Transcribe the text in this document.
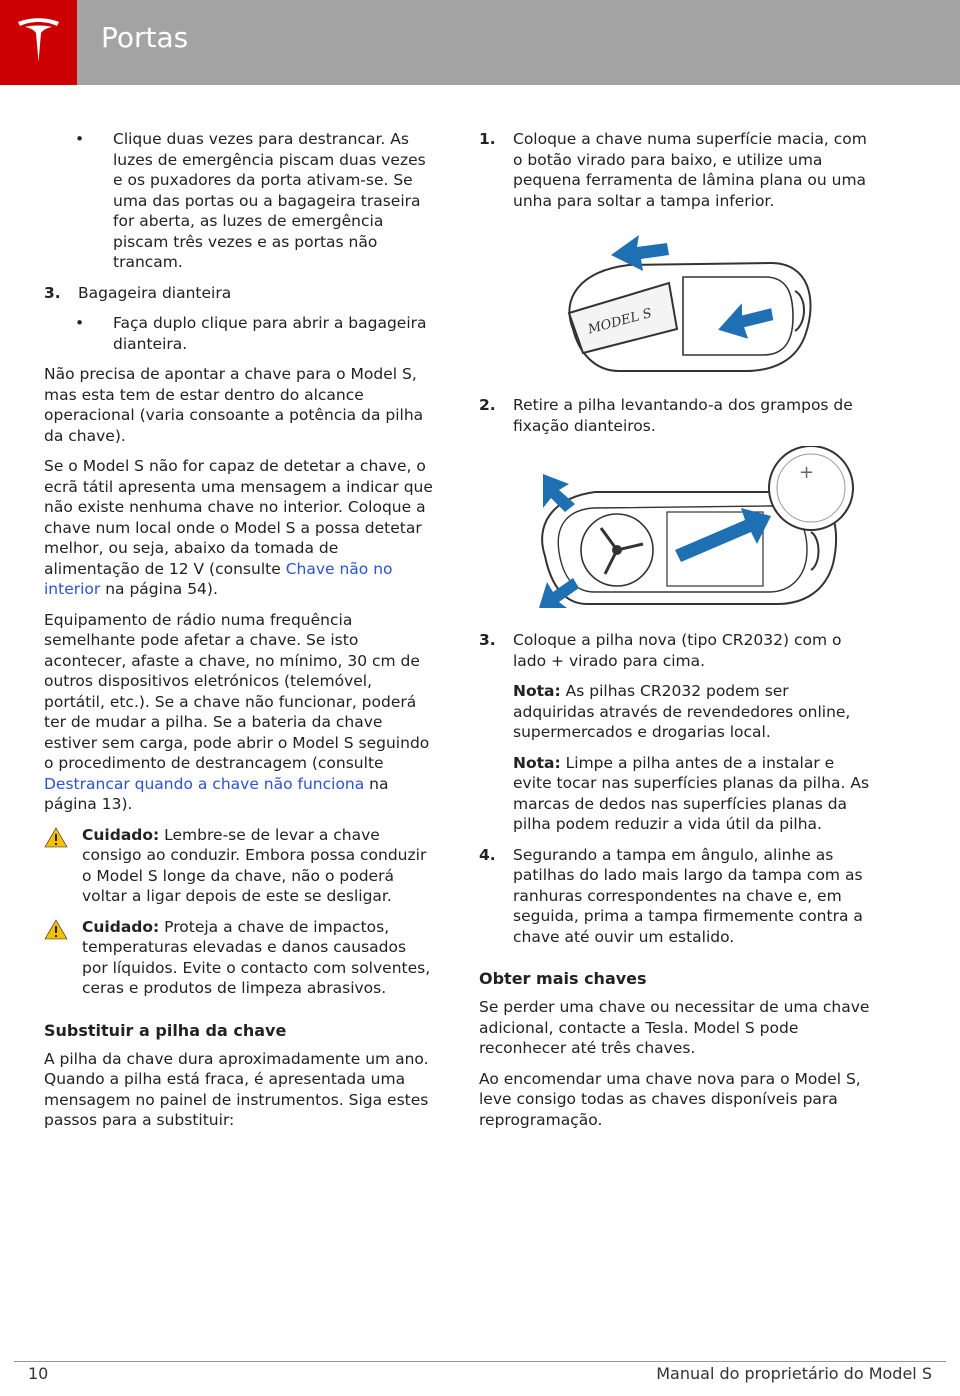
Portas
• Clique duas vezes para destrancar. As luzes de emergência piscam duas vezes e os puxadores da porta ativam-se. Se uma das portas ou a bagageira traseira for aberta, as luzes de emergência piscam três vezes e as portas não trancam.
3. Bagageira dianteira
• Faça duplo clique para abrir a bagageira dianteira.

Não precisa de apontar a chave para o Model S, mas esta tem de estar dentro do alcance operacional (varia consoante a potência da pilha da chave).

Se o Model S não for capaz de detetar a chave, o ecrã tátil apresenta uma mensagem a indicar que não existe nenhuma chave no interior. Coloque a chave num local onde o Model S a possa detetar melhor, ou seja, abaixo da tomada de alimentação de 12 V (consulte Chave não no interior na página 54).

Equipamento de rádio numa frequência semelhante pode afetar a chave. Se isto acontecer, afaste a chave, no mínimo, 30 cm de outros dispositivos eletrónicos (telemóvel, portátil, etc.). Se a chave não funcionar, poderá ter de mudar a pilha. Se a bateria da chave estiver sem carga, pode abrir o Model S seguindo o procedimento de destrancagem (consulte Destrancar quando a chave não funciona na página 13).

Cuidado: Lembre-se de levar a chave consigo ao conduzir. Embora possa conduzir o Model S longe da chave, não o poderá voltar a ligar depois de este se desligar.
Cuidado: Proteja a chave de impactos, temperaturas elevadas e danos causados por líquidos. Evite o contacto com solventes, ceras e produtos de limpeza abrasivos.
Substituir a pilha da chave

A pilha da chave dura aproximadamente um ano. Quando a pilha está fraca, é apresentada uma mensagem no painel de instrumentos. Siga estes passos para a substituir:

1. Coloque a chave numa superfície macia, com o botão virado para baixo, e utilize uma pequena ferramenta de lâmina plana ou uma unha para soltar a tampa inferior.
MODEL S
2. Retire a pilha levantando-a dos grampos de fixação dianteiros.
+
3. Coloque a pilha nova (tipo CR2032) com o lado + virado para cima.
Nota: As pilhas CR2032 podem ser adquiridas através de revendedores online, supermercados e drogarias local.
Nota: Limpe a pilha antes de a instalar e evite tocar nas superfícies planas da pilha. As marcas de dedos nas superfícies planas da pilha podem reduzir a vida útil da pilha.
4. Segurando a tampa em ângulo, alinhe as patilhas do lado mais largo da tampa com as ranhuras correspondentes na chave e, em seguida, prima a tampa firmemente contra a chave até ouvir um estalido.
Obter mais chaves

Se perder uma chave ou necessitar de uma chave adicional, contacte a Tesla. Model S pode reconhecer até três chaves.

Ao encomendar uma chave nova para o Model S, leve consigo todas as chaves disponíveis para reprogramação.

10	Manual do proprietário do Model S
